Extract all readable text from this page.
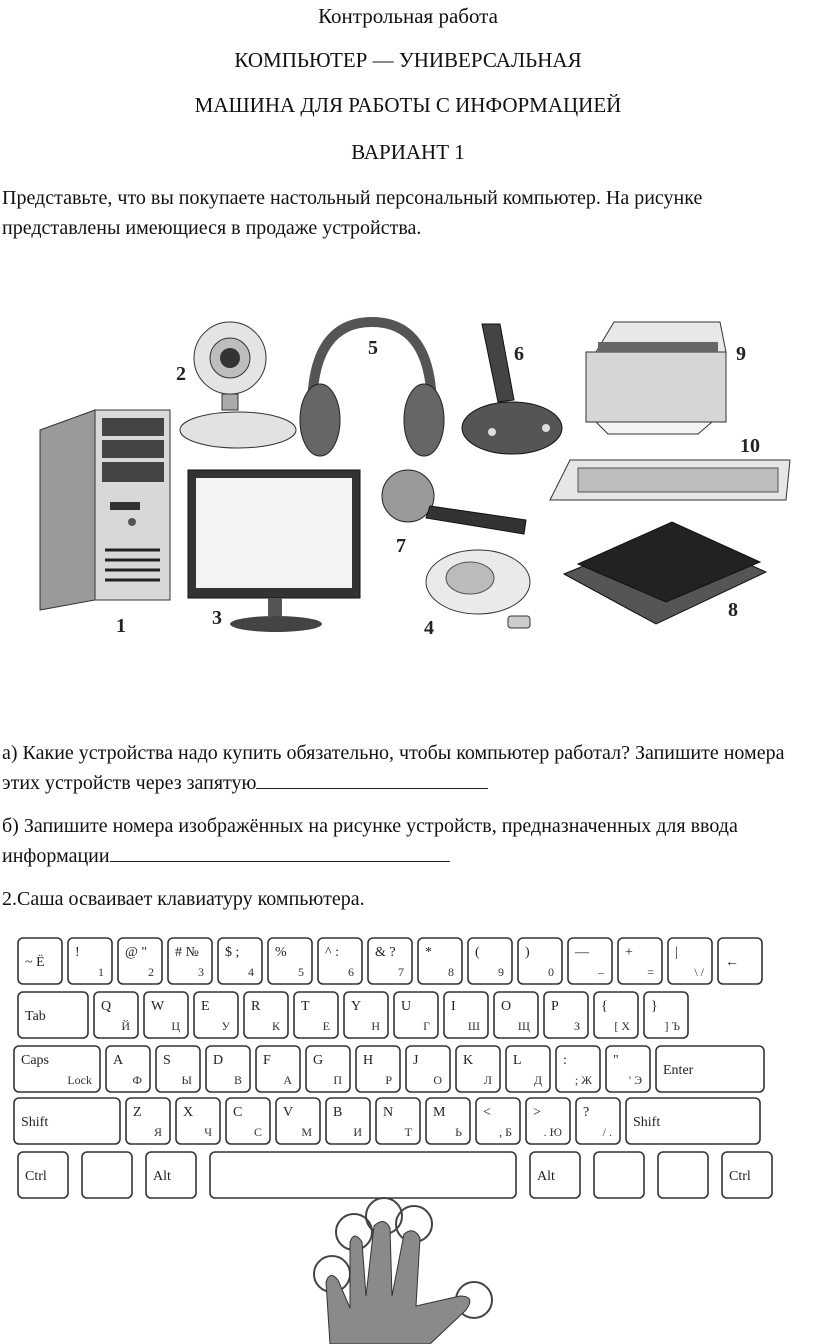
Контрольная работа
КОМПЬЮТЕР — УНИВЕРСАЛЬНАЯ
МАШИНА ДЛЯ РАБОТЫ С ИНФОРМАЦИЕЙ
ВАРИАНТ 1
Представьте, что вы покупаете настольный персональный компьютер. На рисунке представлены имеющиеся в продаже устройства.
1
2
3	4
5	6
7
8
9
10
а) Какие устройства надо купить обязательно, чтобы компьютер работал? Запишите номера этих устройств через запятую
б) Запишите номера изображённых на рисунке устройств, предназначенных для ввода информации
2.Саша осваивает клавиатуру компьютера.
~ Ё
!
1
@ "
2
# №
3
$ ;
4
%
5
^ :
6
& ?
7
*
8
(
9
)
0
—
–
+
=
|
\ /
←
Tab
Q
Й
W
Ц
E
У
R
К
T
Е
Y
Н
U
Г
I
Ш
O
Щ
P
З
{
[ Х
}
] Ъ
Caps
Lock
A
Ф
S
Ы
D
В
F
А
G
П
H
Р
J
О
K
Л
L
Д
:
; Ж
"
' Э
Enter
Shift
Z
Я
X
Ч
C
С
V
М
B
И
N
Т
M
Ь
<
, Б
>
. Ю
?
/ .
Shift
Ctrl	Alt	Alt	Ctrl
